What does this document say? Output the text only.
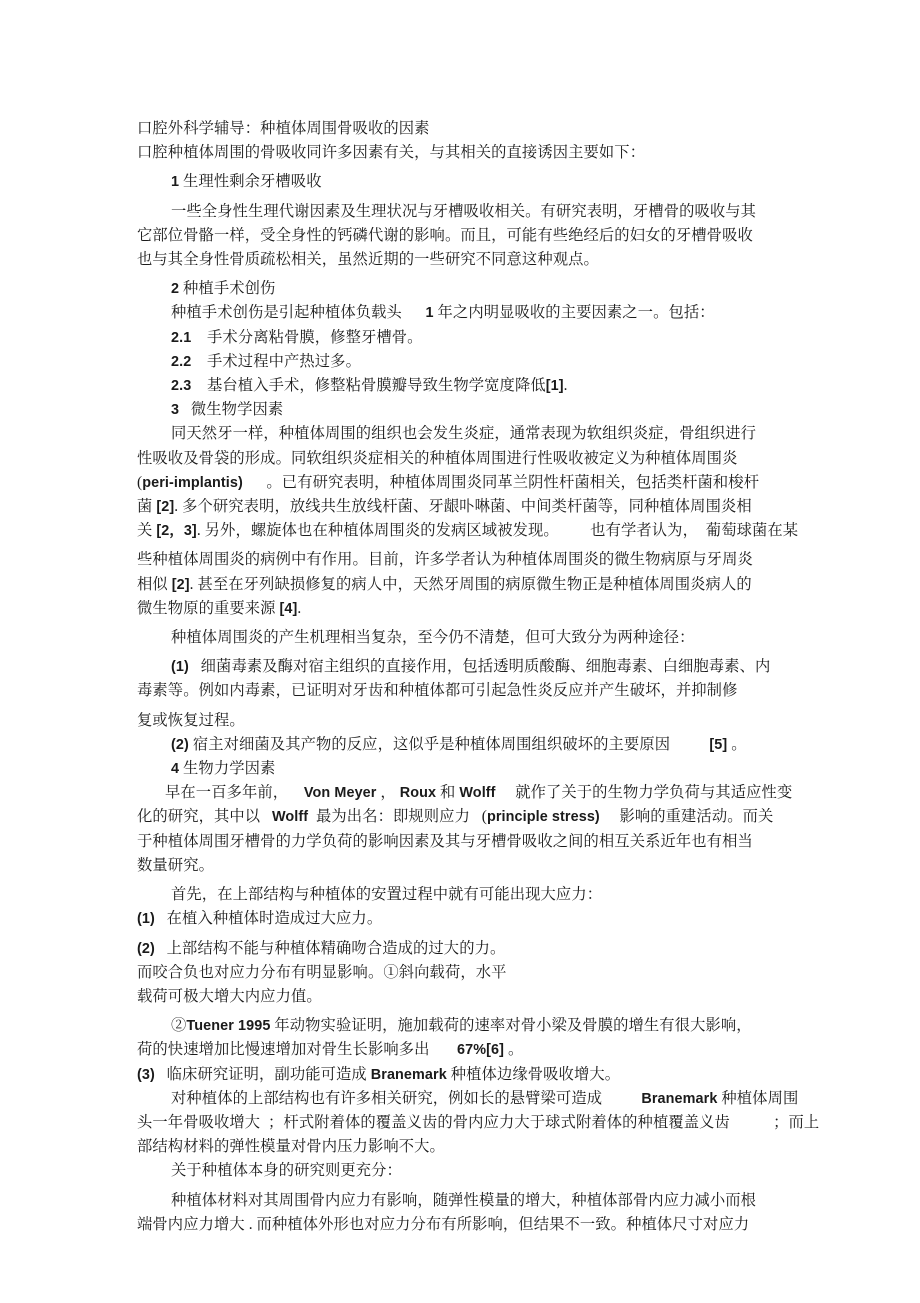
口腔外科学辅导：种植体周围骨吸收的因素
口腔种植体周围的骨吸收同许多因素有关，与其相关的直接诱因主要如下：
1 生理性剩余牙槽吸收
一些全身性生理代谢因素及生理状况与牙槽吸收相关。有研究表明，牙槽骨的吸收与其
它部位骨骼一样，受全身性的钙磷代谢的影响。而且，可能有些绝经后的妇女的牙槽骨吸收
也与其全身性骨质疏松相关，虽然近期的一些研究不同意这种观点。
2 种植手术创伤
种植手术创伤是引起种植体负载头      1 年之内明显吸收的主要因素之一。包括：
2.1    手术分离粘骨膜，修整牙槽骨。
2.2    手术过程中产热过多。
2.3    基台植入手术，修整粘骨膜瓣导致生物学宽度降低[1].
3   微生物学因素
同天然牙一样，种植体周围的组织也会发生炎症，通常表现为软组织炎症，骨组织进行
性吸收及骨袋的形成。同软组织炎症相关的种植体周围进行性吸收被定义为种植体周围炎
(peri-implantis)      。已有研究表明，种植体周围炎同革兰阴性杆菌相关，包括类杆菌和梭杆
菌 [2]. 多个研究表明，放线共生放线杆菌、牙龈卟啉菌、中间类杆菌等，同种植体周围炎相
关 [2，3]. 另外，螺旋体也在种植体周围炎的发病区域被发现。        也有学者认为，  葡萄球菌在某
些种植体周围炎的病例中有作用。目前，许多学者认为种植体周围炎的微生物病原与牙周炎
相似 [2]. 甚至在牙列缺损修复的病人中，天然牙周围的病原微生物正是种植体周围炎病人的
微生物原的重要来源 [4].
种植体周围炎的产生机理相当复杂，至今仍不清楚，但可大致分为两种途径：
(1)   细菌毒素及酶对宿主组织的直接作用，包括透明质酸酶、细胞毒素、白细胞毒素、内
毒素等。例如内毒素，已证明对牙齿和种植体都可引起急性炎反应并产生破坏，并抑制修
复或恢复过程。
(2) 宿主对细菌及其产物的反应，这似乎是种植体周围组织破坏的主要原因          [5] 。
4 生物力学因素
早在一百多年前，    Von Meyer ， Roux 和 Wolff     就作了关于的生物力学负荷与其适应性变
化的研究，其中以   Wolff  最为出名：即规则应力   (principle stress)     影响的重建活动。而关
于种植体周围牙槽骨的力学负荷的影响因素及其与牙槽骨吸收之间的相互关系近年也有相当
数量研究。
首先，在上部结构与种植体的安置过程中就有可能出现大应力：
(1)   在植入种植体时造成过大应力。
(2)   上部结构不能与种植体精确吻合造成的过大的力。
而咬合负也对应力分布有明显影响。①斜向载荷，水平
载荷可极大增大内应力值。
②Tuener 1995 年动物实验证明，施加载荷的速率对骨小梁及骨膜的增生有很大影响，
荷的快速增加比慢速增加对骨生长影响多出       67%[6] 。
(3)   临床研究证明，副功能可造成 Branemark 种植体边缘骨吸收增大。
对种植体的上部结构也有许多相关研究，例如长的悬臂梁可造成          Branemark 种植体周围
头一年骨吸收增大  ；杆式附着体的覆盖义齿的骨内应力大于球式附着体的种植覆盖义齿           ；而上
部结构材料的弹性模量对骨内压力影响不大。
关于种植体本身的研究则更充分：
种植体材料对其周围骨内应力有影响，随弹性模量的增大，种植体部骨内应力减小而根
端骨内应力增大 . 而种植体外形也对应力分布有所影响，但结果不一致。种植体尺寸对应力
